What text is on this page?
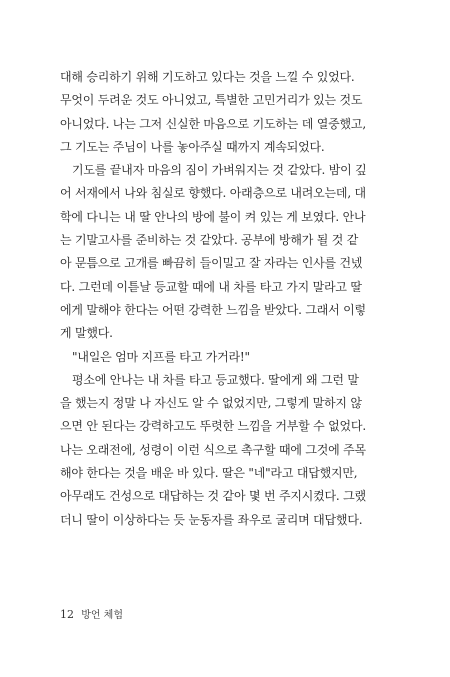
대해 승리하기 위해 기도하고 있다는 것을 느낄 수 있었다.
무엇이 두려운 것도 아니었고, 특별한 고민거리가 있는 것도
아니었다. 나는 그저 신실한 마음으로 기도하는 데 열중했고,
그 기도는 주님이 나를 놓아주실 때까지 계속되었다.
기도를 끝내자 마음의 짐이 가벼워지는 것 같았다. 밤이 깊
어 서재에서 나와 침실로 향했다. 아래층으로 내려오는데, 대
학에 다니는 내 딸 안나의 방에 불이 켜 있는 게 보였다. 안나
는 기말고사를 준비하는 것 같았다. 공부에 방해가 될 것 같
아 문틈으로 고개를 빠끔히 들이밀고 잘 자라는 인사를 건넸
다. 그런데 이튿날 등교할 때에 내 차를 타고 가지 말라고 딸
에게 말해야 한다는 어떤 강력한 느낌을 받았다. 그래서 이렇
게 말했다.
"내일은 엄마 지프를 타고 가거라!"
평소에 안나는 내 차를 타고 등교했다. 딸에게 왜 그런 말
을 했는지 정말 나 자신도 알 수 없었지만, 그렇게 말하지 않
으면 안 된다는 강력하고도 뚜렷한 느낌을 거부할 수 없었다.
나는 오래전에, 성령이 이런 식으로 촉구할 때에 그것에 주목
해야 한다는 것을 배운 바 있다. 딸은 "네"라고 대답했지만,
아무래도 건성으로 대답하는 것 같아 몇 번 주지시켰다. 그랬
더니 딸이 이상하다는 듯 눈동자를 좌우로 굴리며 대답했다.
12 방언 체험
